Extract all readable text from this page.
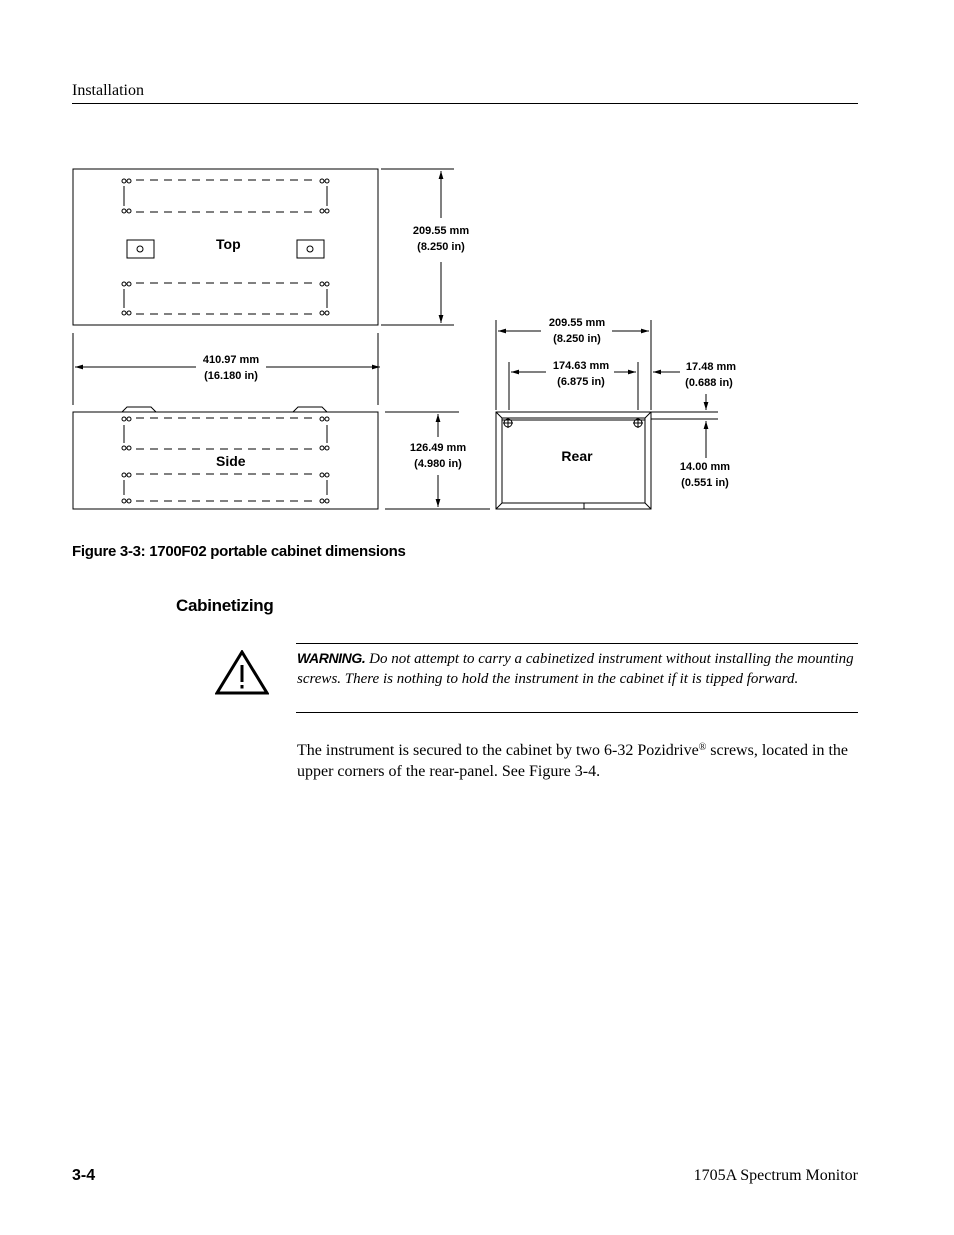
Installation
Top
209.55 mm
(8.250 in)
410.97 mm
(16.180 in)
Side
126.49 mm
(4.980 in)	Rear
209.55 mm
(8.250 in)
174.63 mm
(6.875 in)
17.48 mm
(0.688 in)
14.00 mm
(0.551 in)
Figure 3-3: 1700F02 portable cabinet dimensions
Cabinetizing
WARNING. Do not attempt to carry a cabinetized instrument without installing the mounting screws. There is nothing to hold the instrument in the cabinet if it is tipped forward.
The instrument is secured to the cabinet by two 6-32 Pozidrive® screws, located in the upper corners of the rear-panel. See Figure 3-4.
3-4	1705A Spectrum Monitor
